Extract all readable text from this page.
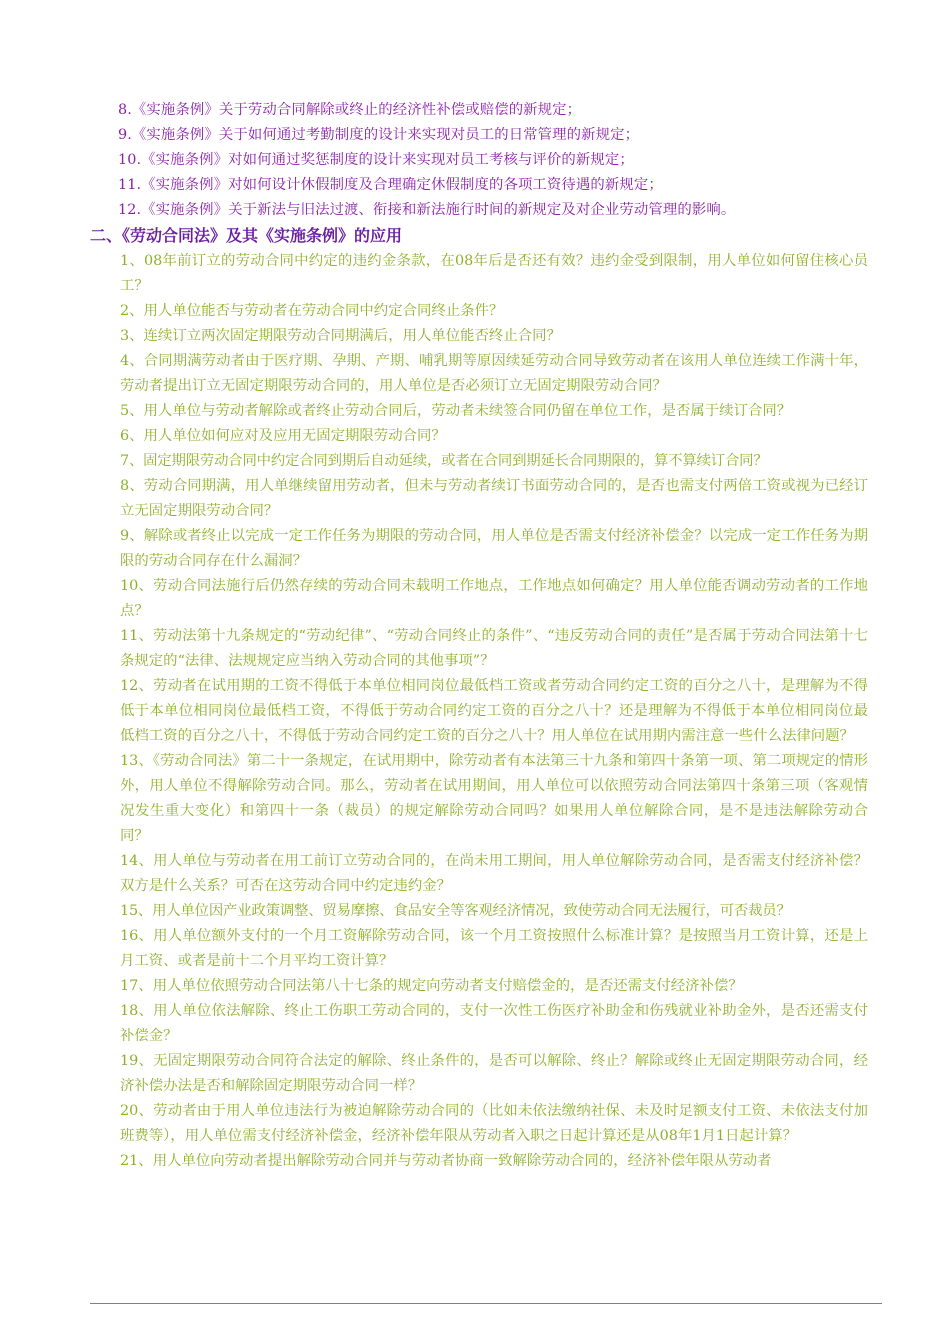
8.《实施条例》关于劳动合同解除或终止的经济性补偿或赔偿的新规定；
9.《实施条例》关于如何通过考勤制度的设计来实现对员工的日常管理的新规定；
10.《实施条例》对如何通过奖惩制度的设计来实现对员工考核与评价的新规定；
11.《实施条例》对如何设计休假制度及合理确定休假制度的各项工资待遇的新规定；
12.《实施条例》关于新法与旧法过渡、衔接和新法施行时间的新规定及对企业劳动管理的影响。
二、《劳动合同法》及其《实施条例》的应用
1、08年前订立的劳动合同中约定的违约金条款，在08年后是否还有效？违约金受到限制，用人单位如何留住核心员工？
2、用人单位能否与劳动者在劳动合同中约定合同终止条件？
3、连续订立两次固定期限劳动合同期满后，用人单位能否终止合同？
4、合同期满劳动者由于医疗期、孕期、产期、哺乳期等原因续延劳动合同导致劳动者在该用人单位连续工作满十年，劳动者提出订立无固定期限劳动合同的，用人单位是否必须订立无固定期限劳动合同？
5、用人单位与劳动者解除或者终止劳动合同后，劳动者未续签合同仍留在单位工作，是否属于续订合同？
6、用人单位如何应对及应用无固定期限劳动合同？
7、固定期限劳动合同中约定合同到期后自动延续，或者在合同到期延长合同期限的，算不算续订合同？
8、劳动合同期满，用人单继续留用劳动者，但未与劳动者续订书面劳动合同的，是否也需支付两倍工资或视为已经订立无固定期限劳动合同？
9、解除或者终止以完成一定工作任务为期限的劳动合同，用人单位是否需支付经济补偿金？以完成一定工作任务为期限的劳动合同存在什么漏洞？
10、劳动合同法施行后仍然存续的劳动合同未载明工作地点，工作地点如何确定？用人单位能否调动劳动者的工作地点？
11、劳动法第十九条规定的“劳动纪律”、“劳动合同终止的条件”、“违反劳动合同的责任”是否属于劳动合同法第十七条规定的“法律、法规规定应当纳入劳动合同的其他事项”？
12、劳动者在试用期的工资不得低于本单位相同岗位最低档工资或者劳动合同约定工资的百分之八十，是理解为不得低于本单位相同岗位最低档工资，不得低于劳动合同约定工资的百分之八十？还是理解为不得低于本单位相同岗位最低档工资的百分之八十，不得低于劳动合同约定工资的百分之八十？用人单位在试用期内需注意一些什么法律问题？
13、《劳动合同法》第二十一条规定，在试用期中，除劳动者有本法第三十九条和第四十条第一项、第二项规定的情形外，用人单位不得解除劳动合同。那么，劳动者在试用期间，用人单位可以依照劳动合同法第四十条第三项（客观情况发生重大变化）和第四十一条（裁员）的规定解除劳动合同吗？如果用人单位解除合同，是不是违法解除劳动合同？
14、用人单位与劳动者在用工前订立劳动合同的，在尚未用工期间，用人单位解除劳动合同，是否需支付经济补偿？双方是什么关系？可否在这劳动合同中约定违约金？
15、用人单位因产业政策调整、贸易摩擦、食品安全等客观经济情况，致使劳动合同无法履行，可否裁员？
16、用人单位额外支付的一个月工资解除劳动合同，该一个月工资按照什么标准计算？是按照当月工资计算，还是上月工资、或者是前十二个月平均工资计算？
17、用人单位依照劳动合同法第八十七条的规定向劳动者支付赔偿金的，是否还需支付经济补偿？
18、用人单位依法解除、终止工伤职工劳动合同的，支付一次性工伤医疗补助金和伤残就业补助金外，是否还需支付补偿金？
19、无固定期限劳动合同符合法定的解除、终止条件的，是否可以解除、终止？解除或终止无固定期限劳动合同，经济补偿办法是否和解除固定期限劳动合同一样？
20、劳动者由于用人单位违法行为被迫解除劳动合同的（比如未依法缴纳社保、未及时足额支付工资、未依法支付加班费等），用人单位需支付经济补偿金，经济补偿年限从劳动者入职之日起计算还是从08年1月1日起计算？
21、用人单位向劳动者提出解除劳动合同并与劳动者协商一致解除劳动合同的，经济补偿年限从劳动者
